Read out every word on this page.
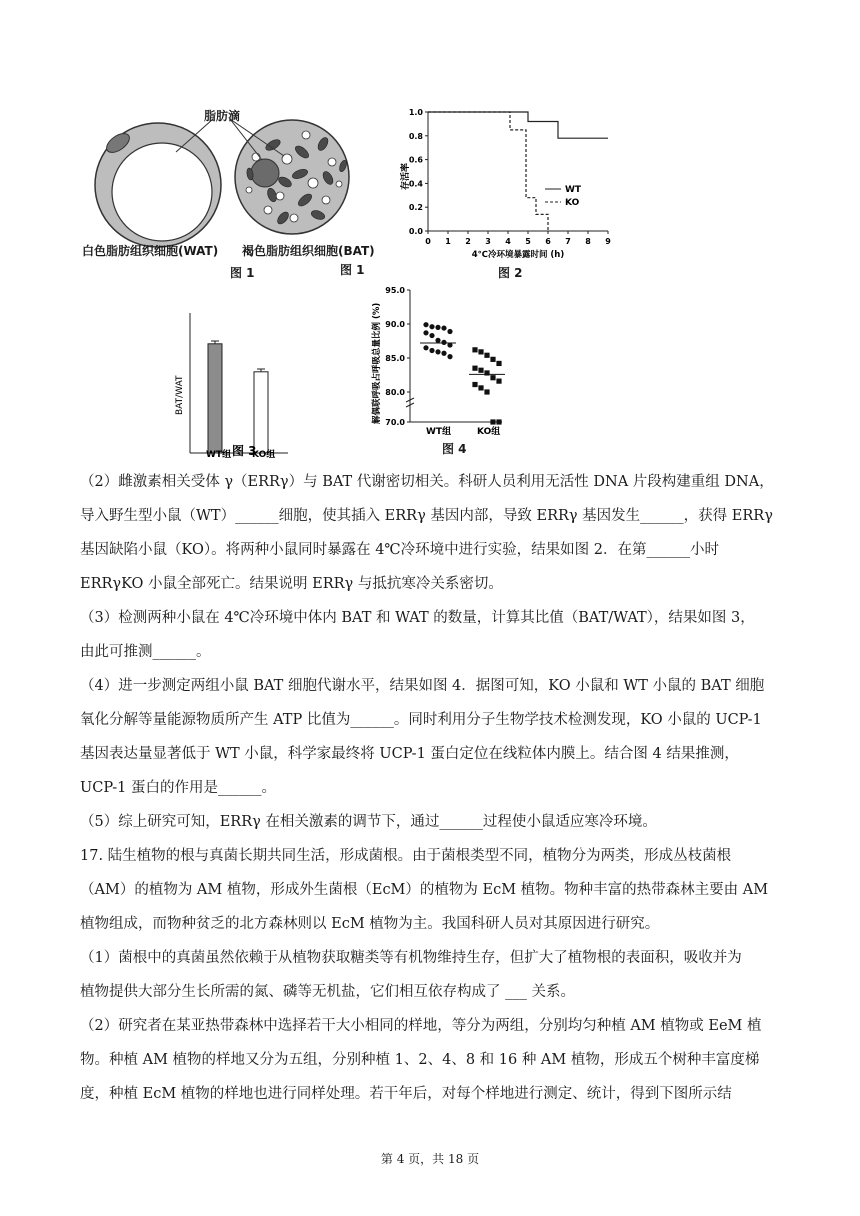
脂肪滴
白色脂肪组织细胞(WAT) 褐色脂肪组织细胞(BAT)
图 1	图 1
1.0
0.8
0.6
0.4
0.2
0.0
0 1 2 3 4 5 6 7 8 9
WT
KO
存活率
4℃冷环境暴露时间 (h)
图 2
BAT/WAT
WT组 KO组
图 3
95.0
90.0
85.0
80.0
70.0
解偶联呼吸占呼吸总量比例 (%)
WT组	KO组
图 4
（2）雌激素相关受体 γ（ERRγ）与 BAT 代谢密切相关。科研人员利用无活性 DNA 片段构建重组 DNA，
导入野生型小鼠（WT）______细胞，使其插入 ERRγ 基因内部，导致 ERRγ 基因发生______，获得 ERRγ
基因缺陷小鼠（KO）。将两种小鼠同时暴露在 4℃冷环境中进行实验，结果如图 2．在第______小时
ERRγKO 小鼠全部死亡。结果说明 ERRγ 与抵抗寒冷关系密切。
（3）检测两种小鼠在 4℃冷环境中体内 BAT 和 WAT 的数量，计算其比值（BAT/WAT），结果如图 3，
由此可推测______。
（4）进一步测定两组小鼠 BAT 细胞代谢水平，结果如图 4．据图可知，KO 小鼠和 WT 小鼠的 BAT 细胞
氧化分解等量能源物质所产生 ATP 比值为______。同时利用分子生物学技术检测发现，KO 小鼠的 UCP-1
基因表达量显著低于 WT 小鼠，科学家最终将 UCP-1 蛋白定位在线粒体内膜上。结合图 4 结果推测，
UCP-1 蛋白的作用是______。
（5）综上研究可知，ERRγ 在相关激素的调节下，通过______过程使小鼠适应寒冷环境。
17. 陆生植物的根与真菌长期共同生活，形成菌根。由于菌根类型不同，植物分为两类，形成丛枝菌根
（AM）的植物为 AM 植物，形成外生菌根（EcM）的植物为 EcM 植物。物种丰富的热带森林主要由 AM
植物组成，而物种贫乏的北方森林则以 EcM 植物为主。我国科研人员对其原因进行研究。
（1）菌根中的真菌虽然依赖于从植物获取糖类等有机物维持生存，但扩大了植物根的表面积，吸收并为
植物提供大部分生长所需的氮、磷等无机盐，它们相互依存构成了 ___ 关系。
（2）研究者在某亚热带森林中选择若干大小相同的样地，等分为两组，分别均匀种植 AM 植物或 EeM 植
物。种植 AM 植物的样地又分为五组，分别种植 1、2、4、8 和 16 种 AM 植物，形成五个树种丰富度梯
度，种植 EcM 植物的样地也进行同样处理。若干年后，对每个样地进行测定、统计，得到下图所示结
第 4 页，共 18 页
